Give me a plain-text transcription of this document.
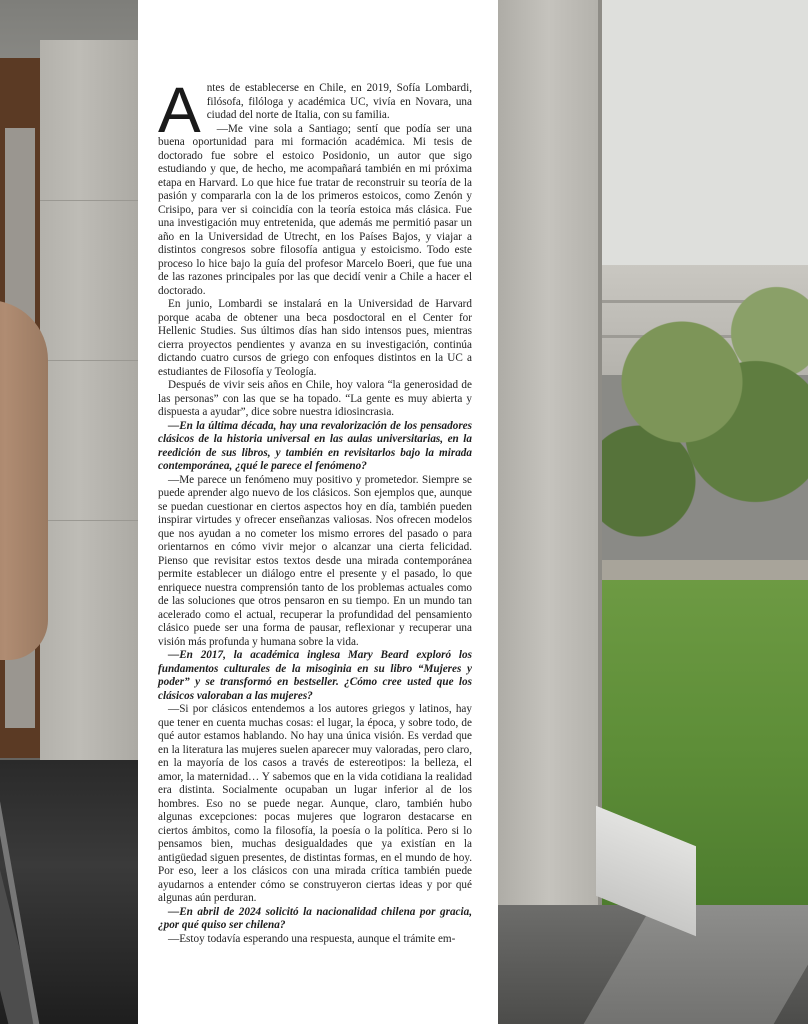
Antes de establecerse en Chile, en 2019, Sofía Lombardi, filósofa, filóloga y académica UC, vivía en Novara, una ciudad del norte de Italia, con su familia.

—Me vine sola a Santiago; sentí que podía ser una buena oportunidad para mi formación académica. Mi tesis de doctorado fue sobre el estoico Posidonio, un autor que sigo estudiando y que, de hecho, me acompañará también en mi próxima etapa en Harvard. Lo que hice fue tratar de reconstruir su teoría de la pasión y compararla con la de los primeros estoicos, como Zenón y Crisipo, para ver si coincidía con la teoría estoica más clásica. Fue una investigación muy entretenida, que además me permitió pasar un año en la Universidad de Utrecht, en los Países Bajos, y viajar a distintos congresos sobre filosofía antigua y estoicismo. Todo este proceso lo hice bajo la guía del profesor Marcelo Boeri, que fue una de las razones principales por las que decidí venir a Chile a hacer el doctorado.

En junio, Lombardi se instalará en la Universidad de Harvard porque acaba de obtener una beca posdoctoral en el Center for Hellenic Studies. Sus últimos días han sido intensos pues, mientras cierra proyectos pendientes y avanza en su investigación, continúa dictando cuatro cursos de griego con enfoques distintos en la UC a estudiantes de Filosofía y Teología.

Después de vivir seis años en Chile, hoy valora “la generosidad de las personas” con las que se ha topado. “La gente es muy abierta y dispuesta a ayudar”, dice sobre nuestra idiosincrasia.

—En la última década, hay una revalorización de los pensadores clásicos de la historia universal en las aulas universitarias, en la reedición de sus libros, y también en revisitarlos bajo la mirada contemporánea, ¿qué le parece el fenómeno?

—Me parece un fenómeno muy positivo y prometedor. Siempre se puede aprender algo nuevo de los clásicos. Son ejemplos que, aunque se puedan cuestionar en ciertos aspectos hoy en día, también pueden inspirar virtudes y ofrecer enseñanzas valiosas. Nos ofrecen modelos que nos ayudan a no cometer los mismo errores del pasado o para orientarnos en cómo vivir mejor o alcanzar una cierta felicidad. Pienso que revisitar estos textos desde una mirada contemporánea permite establecer un diálogo entre el presente y el pasado, lo que enriquece nuestra comprensión tanto de los problemas actuales como de las soluciones que otros pensaron en su tiempo. En un mundo tan acelerado como el actual, recuperar la profundidad del pensamiento clásico puede ser una forma de pausar, reflexionar y recuperar una visión más profunda y humana sobre la vida.

—En 2017, la académica inglesa Mary Beard exploró los fundamentos culturales de la misoginia en su libro “Mujeres y poder” y se transformó en bestseller. ¿Cómo cree usted que los clásicos valoraban a las mujeres?

—Si por clásicos entendemos a los autores griegos y latinos, hay que tener en cuenta muchas cosas: el lugar, la época, y sobre todo, de qué autor estamos hablando. No hay una única visión. Es verdad que en la literatura las mujeres suelen aparecer muy valoradas, pero claro, en la mayoría de los casos a través de estereotipos: la belleza, el amor, la maternidad… Y sabemos que en la vida cotidiana la realidad era distinta. Socialmente ocupaban un lugar inferior al de los hombres. Eso no se puede negar. Aunque, claro, también hubo algunas excepciones: pocas mujeres que lograron destacarse en ciertos ámbitos, como la filosofía, la poesía o la política. Pero si lo pensamos bien, muchas desigualdades que ya existían en la antigüedad siguen presentes, de distintas formas, en el mundo de hoy. Por eso, leer a los clásicos con una mirada crítica también puede ayudarnos a entender cómo se construyeron ciertas ideas y por qué algunas aún perduran.

—En abril de 2024 solicitó la nacionalidad chilena por gracia, ¿por qué quiso ser chilena?

—Estoy todavía esperando una respuesta, aunque el trámite em-
